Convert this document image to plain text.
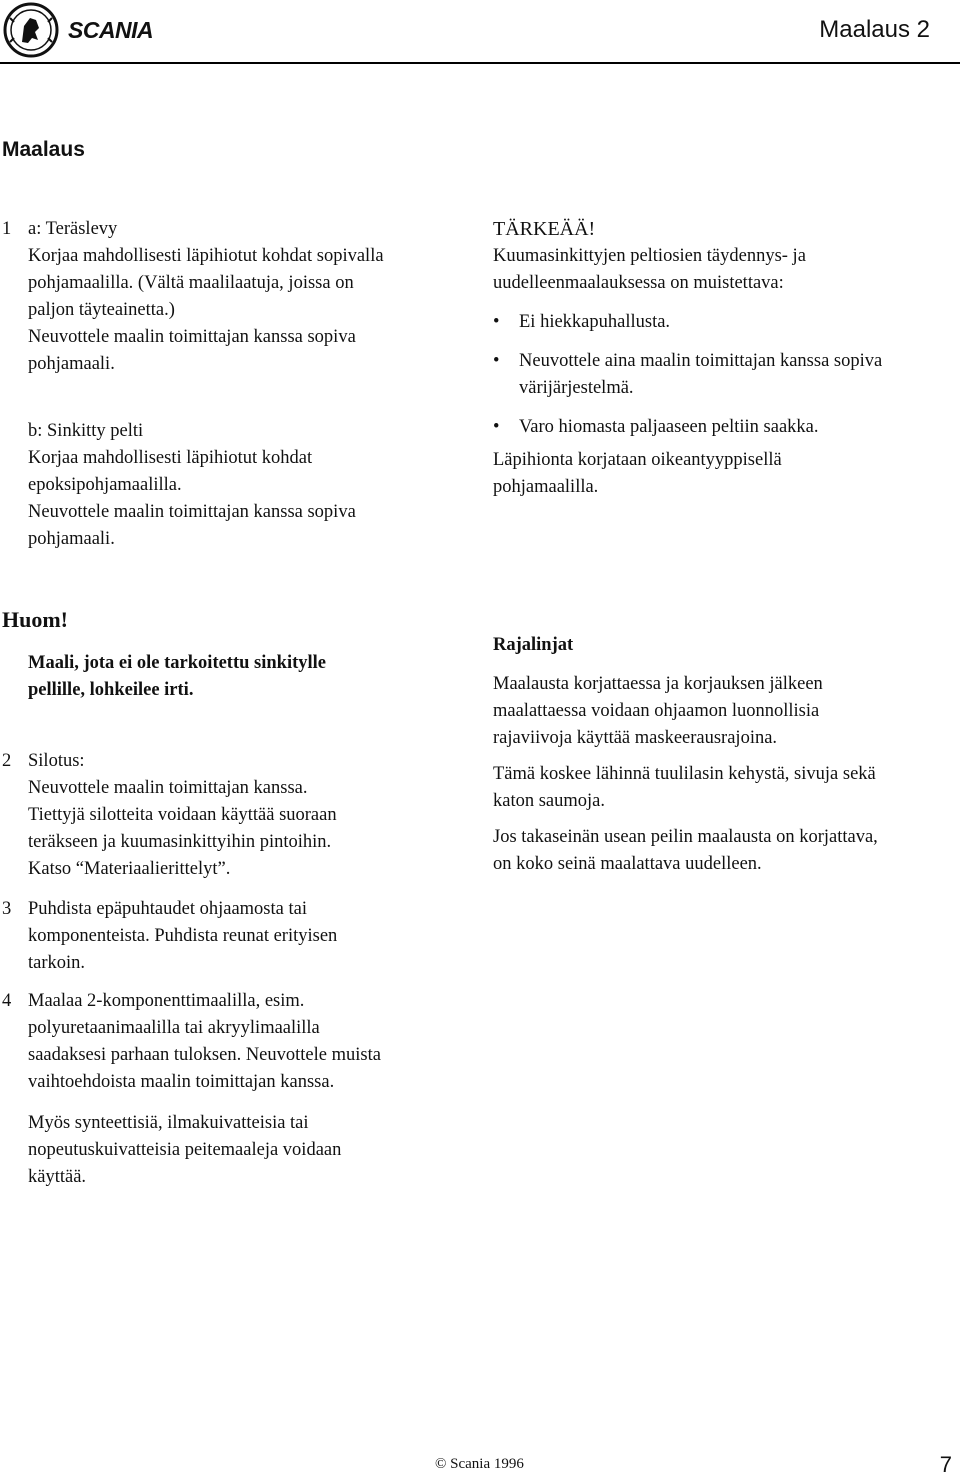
SCANIA	Maalaus 2
Maalaus
1 a: Teräslevy
Korjaa mahdollisesti läpihiotut kohdat sopivalla
pohjamaalilla. (Vältä maalilaatuja, joissa on
paljon täyteainetta.)
Neuvottele maalin toimittajan kanssa sopiva
pohjamaali.
b: Sinkitty pelti
Korjaa mahdollisesti läpihiotut kohdat
epoksipohjamaalilla.
Neuvottele maalin toimittajan kanssa sopiva
pohjamaali.
TÄRKEÄÄ!
Kuumasinkittyjen peltiosien täydennys- ja
uudelleenmaalauksessa on muistettava:
• Ei hiekkapuhallusta.
• Neuvottele aina maalin toimittajan kanssa sopiva
värijärjestelmä.
• Varo hiomasta paljaaseen peltiin saakka.
Läpihionta korjataan oikeantyyppisellä
pohjamaalilla.
Huom!
Maali, jota ei ole tarkoitettu sinkitylle
pellille, lohkeilee irti.
2 Silotus:
Neuvottele maalin toimittajan kanssa.
Tiettyjä silotteita voidaan käyttää suoraan
teräkseen ja kuumasinkittyihin pintoihin.
Katso “Materiaalierittelyt”.
3 Puhdista epäpuhtaudet ohjaamosta tai
komponenteista. Puhdista reunat erityisen
tarkoin.
4 Maalaa 2-komponenttimaalilla, esim.
polyuretaanimaalilla tai akryylimaalilla
saadaksesi parhaan tuloksen. Neuvottele muista
vaihtoehdoista maalin toimittajan kanssa.
Myös synteettisiä, ilmakuivatteisia tai
nopeutuskuivatteisia peitemaaleja voidaan
käyttää.
Rajalinjat
Maalausta korjattaessa ja korjauksen jälkeen
maalattaessa voidaan ohjaamon luonnollisia
rajaviivoja käyttää maskeerausrajoina.
Tämä koskee lähinnä tuulilasin kehystä, sivuja sekä
katon saumoja.
Jos takaseinän usean peilin maalausta on korjattava,
on koko seinä maalattava uudelleen.
© Scania 1996	7
